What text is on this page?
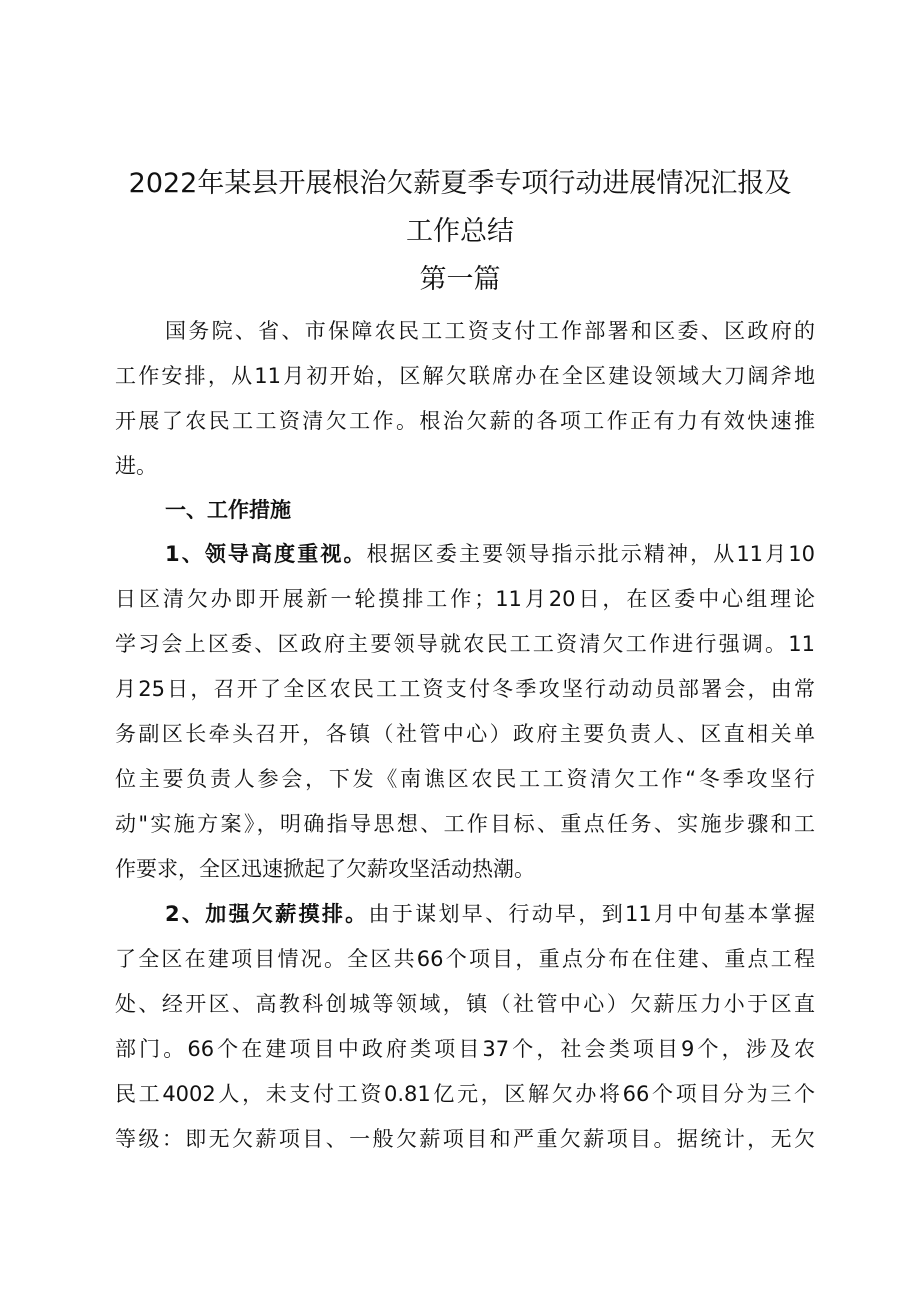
2022年某县开展根治欠薪夏季专项行动进展情况汇报及
工作总结
第一篇
国务院、省、市保障农民工工资支付工作部署和区委、区政府的
工作安排，从11月初开始，区解欠联席办在全区建设领域大刀阔斧地
开展了农民工工资清欠工作。根治欠薪的各项工作正有力有效快速推
进。
一、工作措施
1、领导高度重视。根据区委主要领导指示批示精神，从11月10
日区清欠办即开展新一轮摸排工作；11月20日，在区委中心组理论
学习会上区委、区政府主要领导就农民工工资清欠工作进行强调。11
月25日，召开了全区农民工工资支付冬季攻坚行动动员部署会，由常
务副区长牵头召开，各镇（社管中心）政府主要负责人、区直相关单
位主要负责人参会，下发《南谯区农民工工资清欠工作“冬季攻坚行
动"实施方案》，明确指导思想、工作目标、重点任务、实施步骤和工
作要求，全区迅速掀起了欠薪攻坚活动热潮。
2、加强欠薪摸排。由于谋划早、行动早，到11月中旬基本掌握
了全区在建项目情况。全区共66个项目，重点分布在住建、重点工程
处、经开区、高教科创城等领域，镇（社管中心）欠薪压力小于区直
部门。66个在建项目中政府类项目37个，社会类项目9个，涉及农
民工4002人，未支付工资0.81亿元，区解欠办将66个项目分为三个
等级：即无欠薪项目、一般欠薪项目和严重欠薪项目。据统计，无欠
